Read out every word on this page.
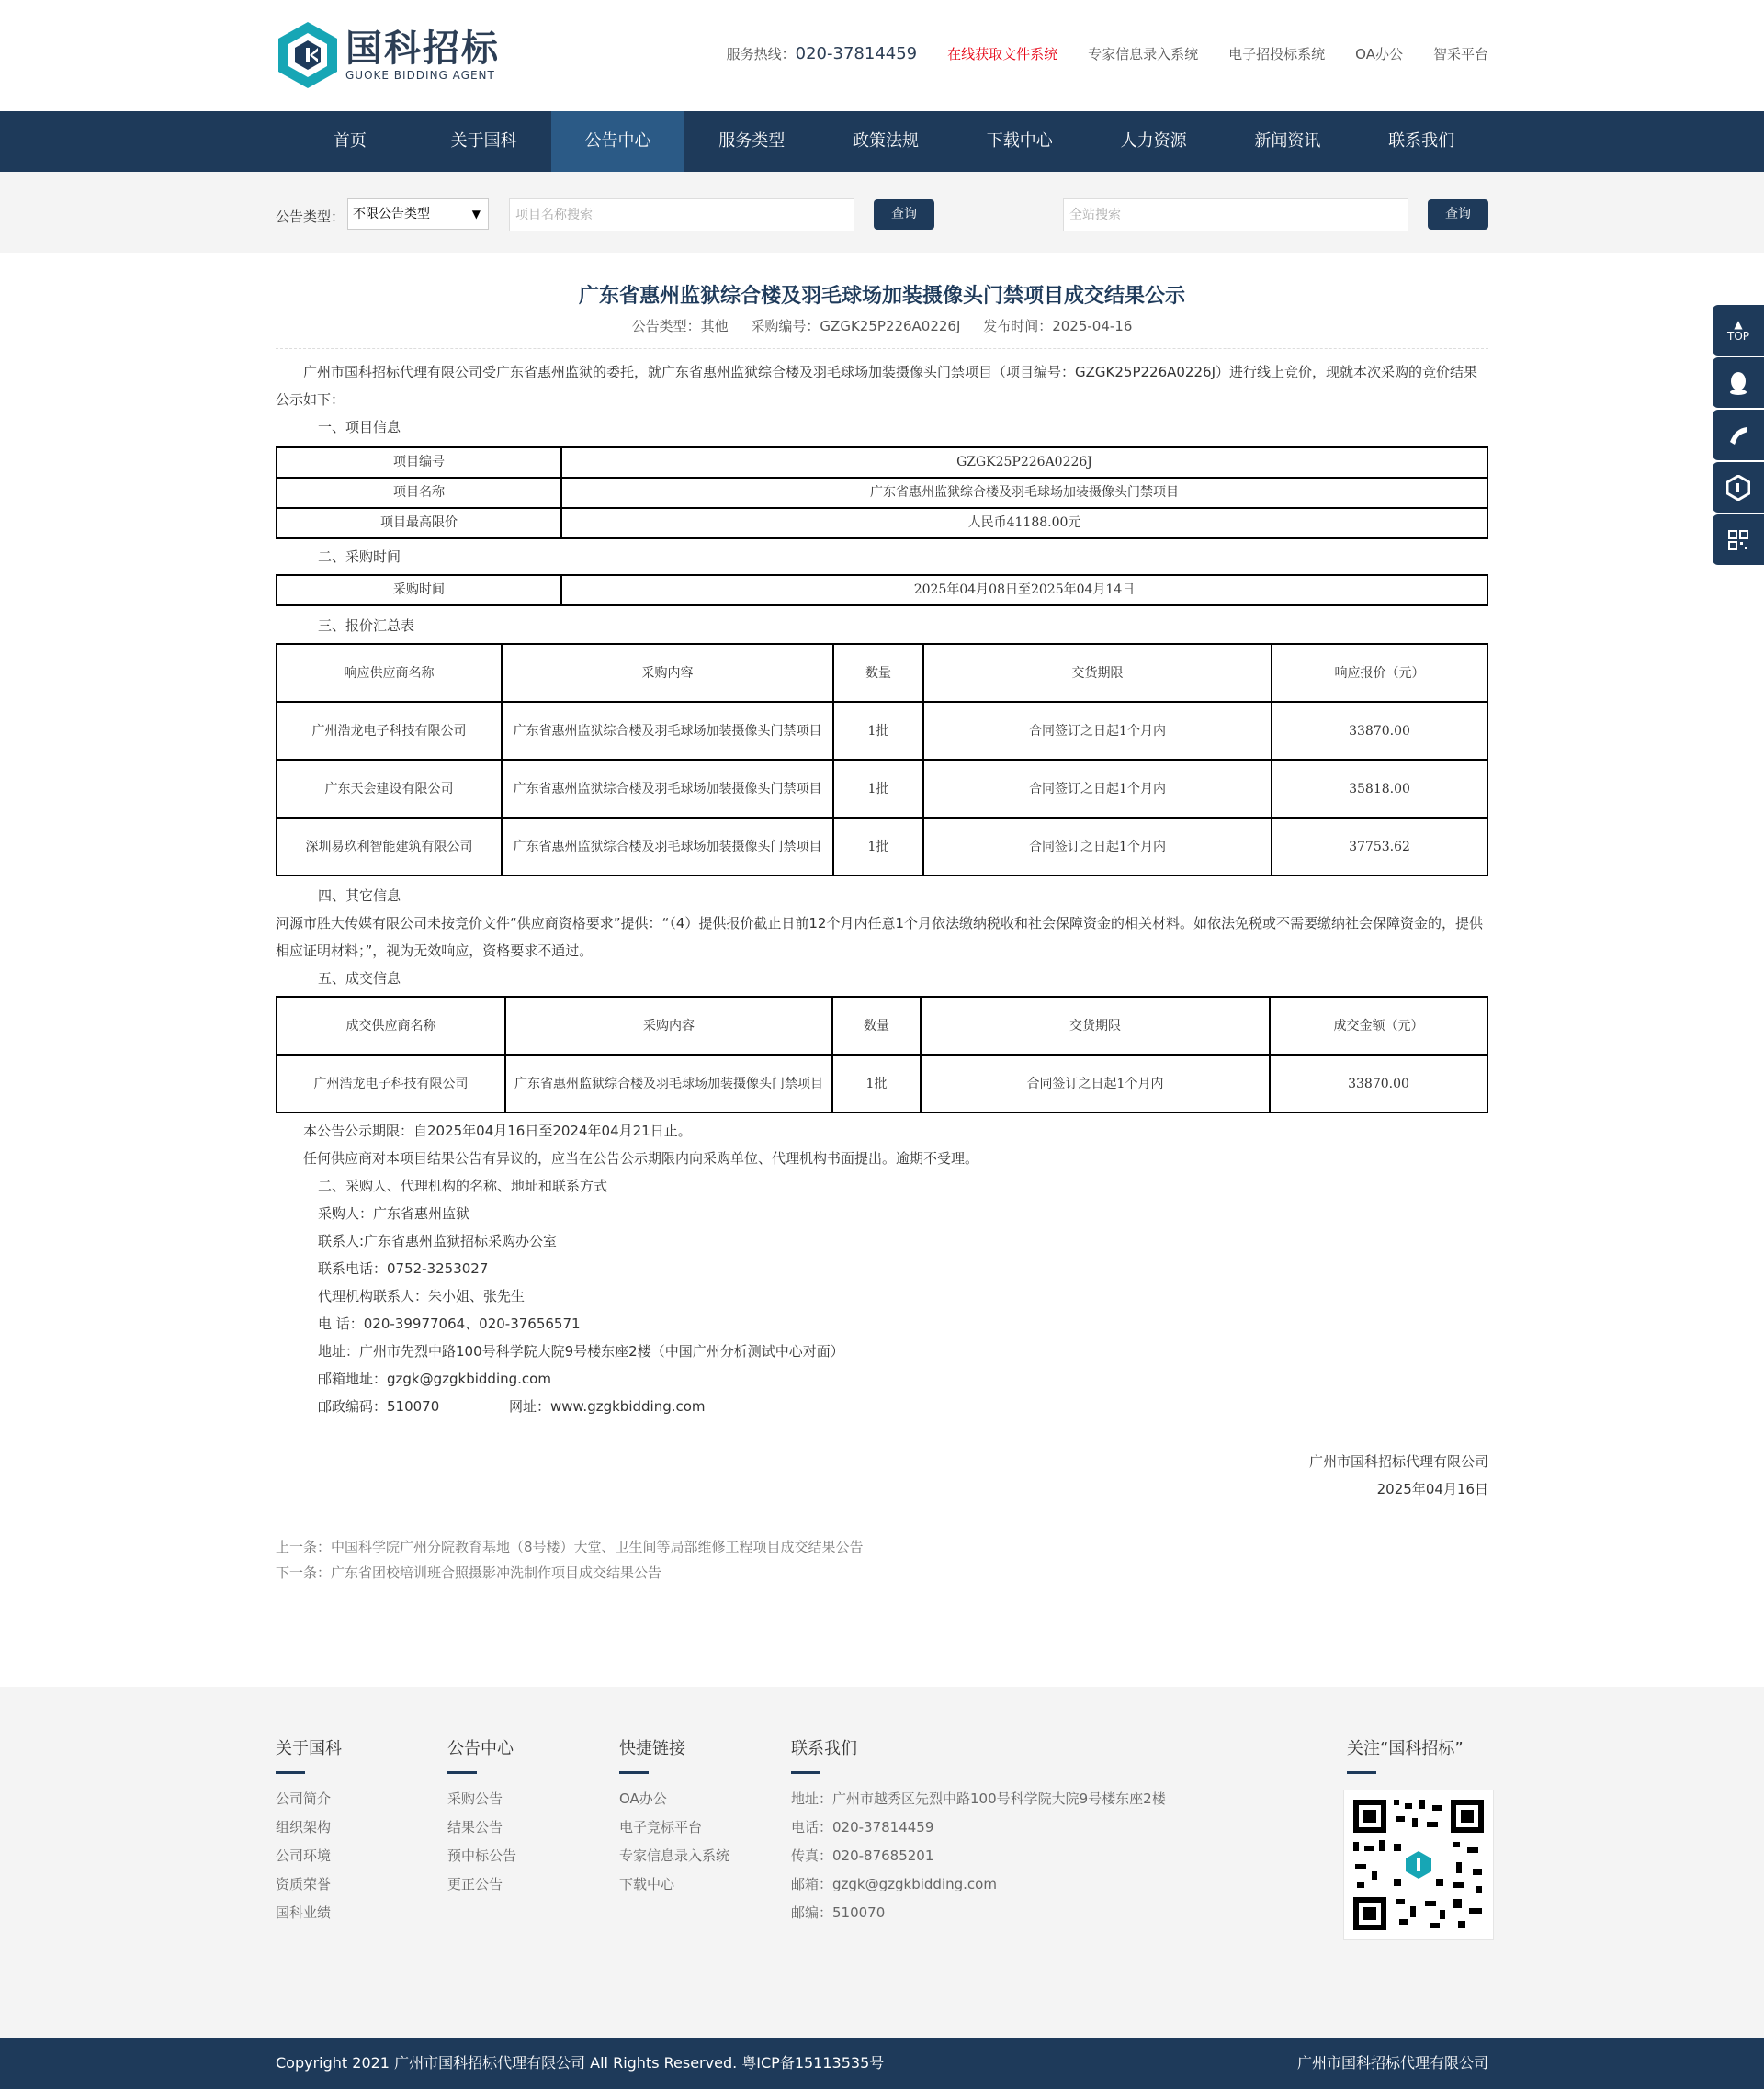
国科招标
GUOKE BIDDING AGENT
服务热线：020-37814459 在线获取文件系统 专家信息录入系统 电子招投标系统 OA办公 智采平台
首页	关于国科	公告中心	服务类型	政策法规	下载中心	人力资源	新闻资讯	联系我们
公告类型： 不限公告类型	▼	项目名称搜索	查询	全站搜索	查询
广东省惠州监狱综合楼及羽毛球场加装摄像头门禁项目成交结果公示
公告类型：其他 采购编号：GZGK25P226A0226J 发布时间：2025-04-16
广州市国科招标代理有限公司受广东省惠州监狱的委托，就广东省惠州监狱综合楼及羽毛球场加装摄像头门禁项目（项目编号：GZGK25P226A0226J）进行线上竞价，现就本次采购的竞价结果公示如下：
一、项目信息
项目编号	GZGK25P226A0226J
项目名称	广东省惠州监狱综合楼及羽毛球场加装摄像头门禁项目
项目最高限价	人民币41188.00元
二、采购时间
采购时间	2025年04月08日至2025年04月14日
三、报价汇总表
响应供应商名称	采购内容	数量	交货期限	响应报价（元）
广州浩龙电子科技有限公司	广东省惠州监狱综合楼及羽毛球场加装摄像头门禁项目	1批	合同签订之日起1个月内	33870.00
广东天会建设有限公司	广东省惠州监狱综合楼及羽毛球场加装摄像头门禁项目	1批	合同签订之日起1个月内	35818.00
深圳易玖利智能建筑有限公司	广东省惠州监狱综合楼及羽毛球场加装摄像头门禁项目	1批	合同签订之日起1个月内	37753.62
四、其它信息
河源市胜大传媒有限公司未按竞价文件“供应商资格要求”提供：“（4）提供报价截止日前12个月内任意1个月依法缴纳税收和社会保障资金的相关材料。如依法免税或不需要缴纳社会保障资金的，提供相应证明材料；”，视为无效响应，资格要求不通过。
五、成交信息
成交供应商名称	采购内容	数量	交货期限	成交金额（元）
广州浩龙电子科技有限公司	广东省惠州监狱综合楼及羽毛球场加装摄像头门禁项目	1批	合同签订之日起1个月内	33870.00
本公告公示期限：自2025年04月16日至2024年04月21日止。
任何供应商对本项目结果公告有异议的，应当在公告公示期限内向采购单位、代理机构书面提出。逾期不受理。
二、采购人、代理机构的名称、地址和联系方式
采购人：广东省惠州监狱
联系人:广东省惠州监狱招标采购办公室
联系电话：0752-3253027
代理机构联系人：朱小姐、张先生
电 话：020-39977064、020-37656571
地址：广州市先烈中路100号科学院大院9号楼东座2楼（中国广州分析测试中心对面）
邮箱地址：gzgk@gzgkbidding.com
邮政编码：510070	网址：www.gzgkbidding.com
广州市国科招标代理有限公司
2025年04月16日
上一条：中国科学院广州分院教育基地（8号楼）大堂、卫生间等局部维修工程项目成交结果公告
下一条：广东省团校培训班合照摄影冲洗制作项目成交结果公告
▲
TOP
关于国科

公司简介

组织架构

公司环境

资质荣誉

国科业绩

公告中心

采购公告

结果公告

预中标公告

更正公告

快捷链接

OA办公

电子竞标平台

专家信息录入系统

下载中心

联系我们

地址：广州市越秀区先烈中路100号科学院大院9号楼东座2楼

电话：020-37814459

传真：020-87685201

邮箱：gzgk@gzgkbidding.com

邮编：510070

关注“国科招标”
Copyright 2021 广州市国科招标代理有限公司 All Rights Reserved. 粤ICP备15113535号	广州市国科招标代理有限公司
